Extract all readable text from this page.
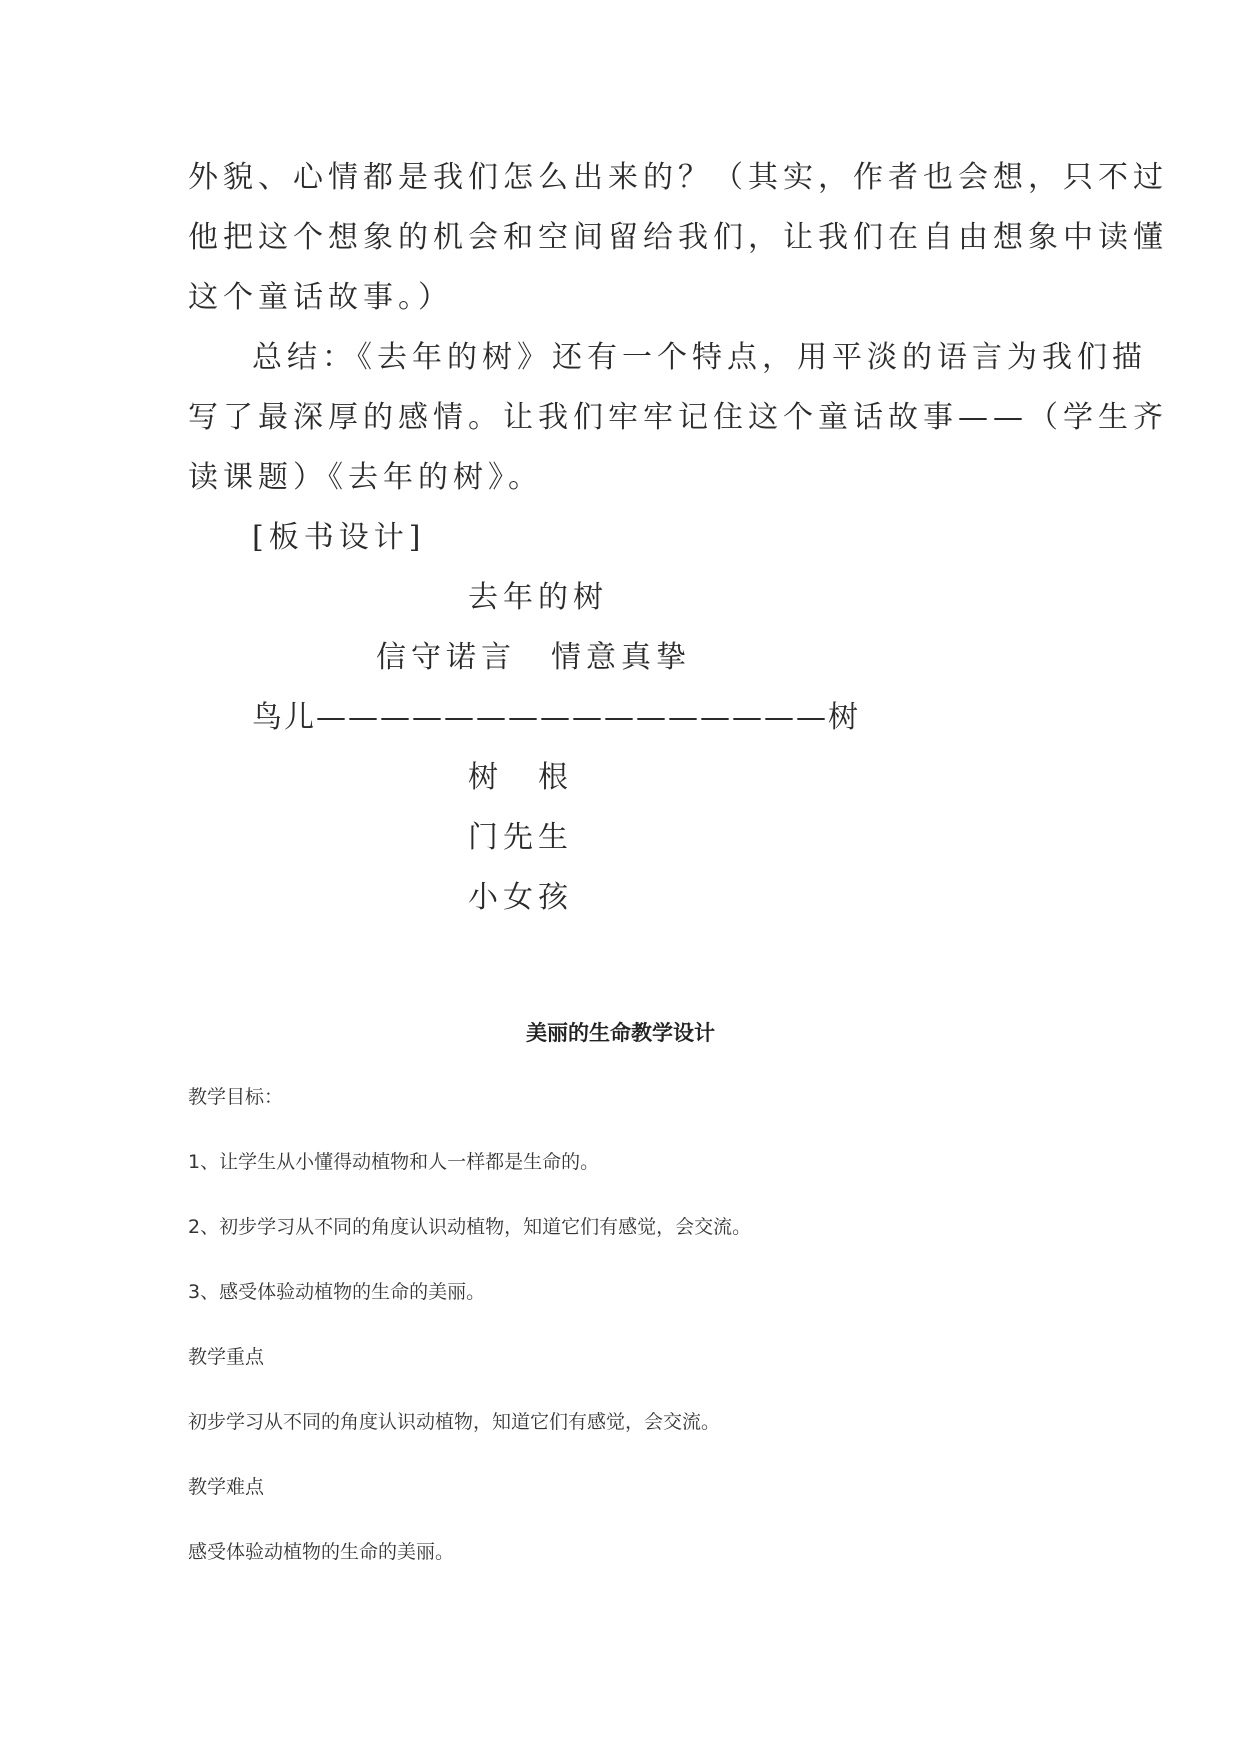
外貌、心情都是我们怎么出来的？（其实，作者也会想，只不过
他把这个想象的机会和空间留给我们，让我们在自由想象中读懂
这个童话故事。）
总结：《去年的树》还有一个特点，用平淡的语言为我们描
写了最深厚的感情。让我们牢牢记住这个童话故事——（学生齐
读课题）《去年的树》。
[板书设计]
去年的树
信守诺言　情意真挚
鸟儿————————————————树
树　根
门先生
小女孩
美丽的生命教学设计
教学目标：
1、让学生从小懂得动植物和人一样都是生命的。
2、初步学习从不同的角度认识动植物，知道它们有感觉，会交流。
3、感受体验动植物的生命的美丽。
教学重点
初步学习从不同的角度认识动植物，知道它们有感觉，会交流。
教学难点
感受体验动植物的生命的美丽。
